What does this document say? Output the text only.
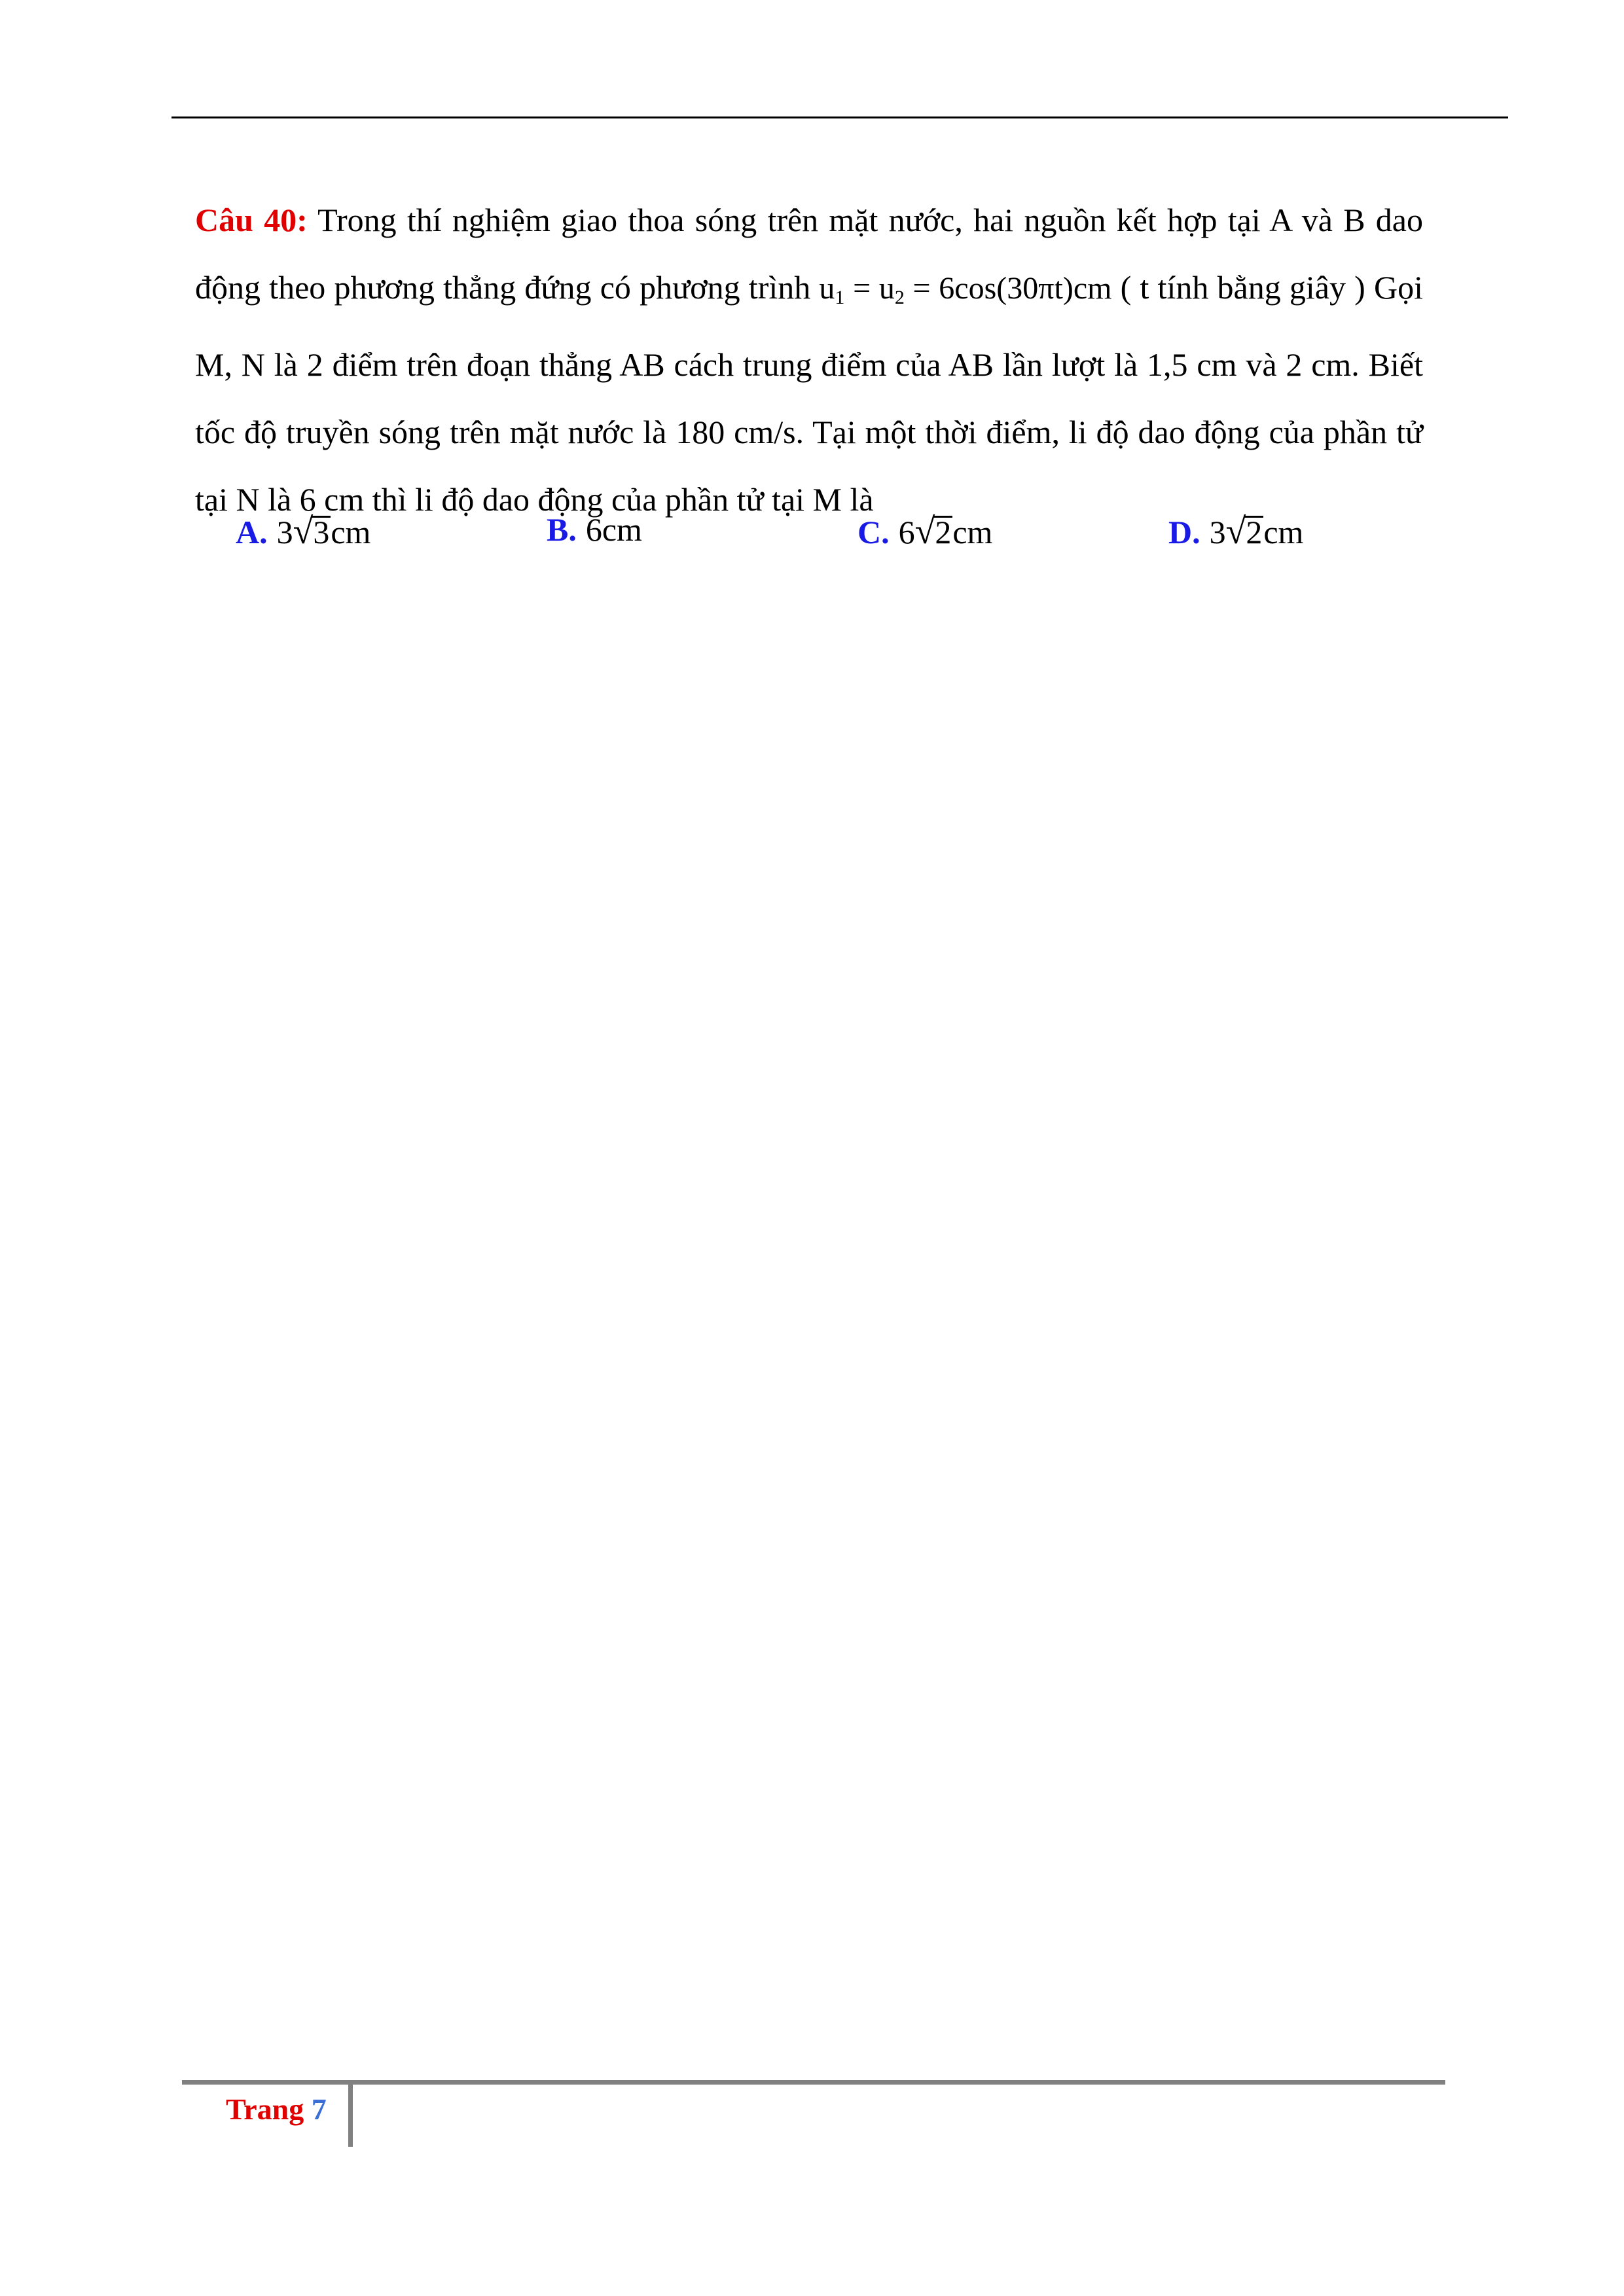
Câu 40: Trong thí nghiệm giao thoa sóng trên mặt nước, hai nguồn kết hợp tại A và B dao động theo phương thẳng đứng có phương trình $u_1 = u_2 = 6\cos(30\pi t)cm$ ( t tính bằng giây ) Gọi M, N là 2 điểm trên đoạn thẳng AB cách trung điểm của AB lần lượt là 1,5 cm và 2 cm. Biết tốc độ truyền sóng trên mặt nước là 180 cm/s. Tại một thời điểm, li độ dao động của phần tử tại N là 6 cm thì li độ dao động của phần tử tại M là
A. 3√3cm	B. 6cm	C. 6√2cm	D. 3√2cm
Trang 7
